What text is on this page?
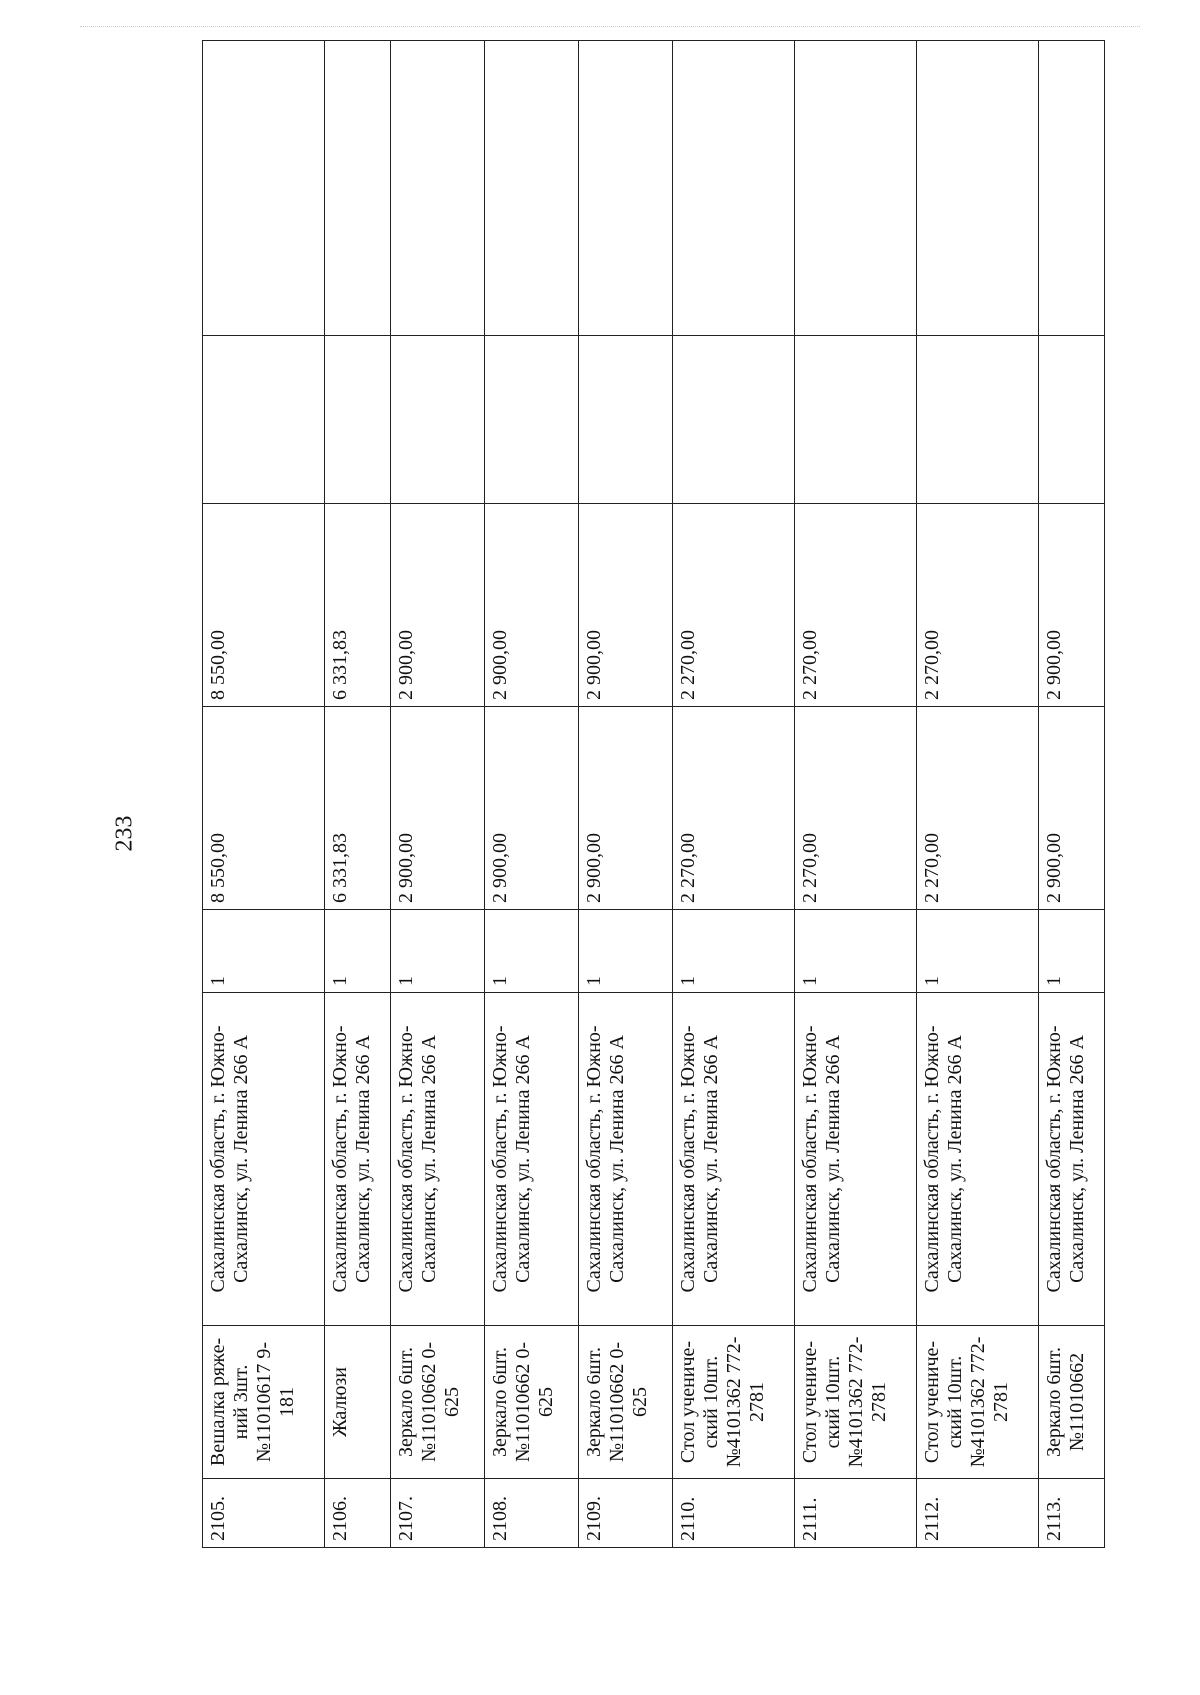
233
2105.	Вешалка ряже-ний 3шт.№11010617 9-181	Сахалинская область, г. Южно-Сахалинск, ул. Ленина 266 А	1	8 550,00	8 550,00		
2106.	Жалюзи	Сахалинская область, г. Южно-Сахалинск, ул. Ленина 266 А	1	6 331,83	6 331,83		
2107.	Зеркало 6шт.№11010662 0-625	Сахалинская область, г. Южно-Сахалинск, ул. Ленина 266 А	1	2 900,00	2 900,00		
2108.	Зеркало 6шт.№11010662 0-625	Сахалинская область, г. Южно-Сахалинск, ул. Ленина 266 А	1	2 900,00	2 900,00		
2109.	Зеркало 6шт.№11010662 0-625	Сахалинская область, г. Южно-Сахалинск, ул. Ленина 266 А	1	2 900,00	2 900,00		
2110.	Стол учениче-ский 10шт.№4101362 772-2781	Сахалинская область, г. Южно-Сахалинск, ул. Ленина 266 А	1	2 270,00	2 270,00		
2111.	Стол учениче-ский 10шт.№4101362 772-2781	Сахалинская область, г. Южно-Сахалинск, ул. Ленина 266 А	1	2 270,00	2 270,00		
2112.	Стол учениче-ский 10шт.№4101362 772-2781	Сахалинская область, г. Южно-Сахалинск, ул. Ленина 266 А	1	2 270,00	2 270,00		
2113.	Зеркало 6шт.№11010662	Сахалинская область, г. Южно-Сахалинск, ул. Ленина 266 А	1	2 900,00	2 900,00		
